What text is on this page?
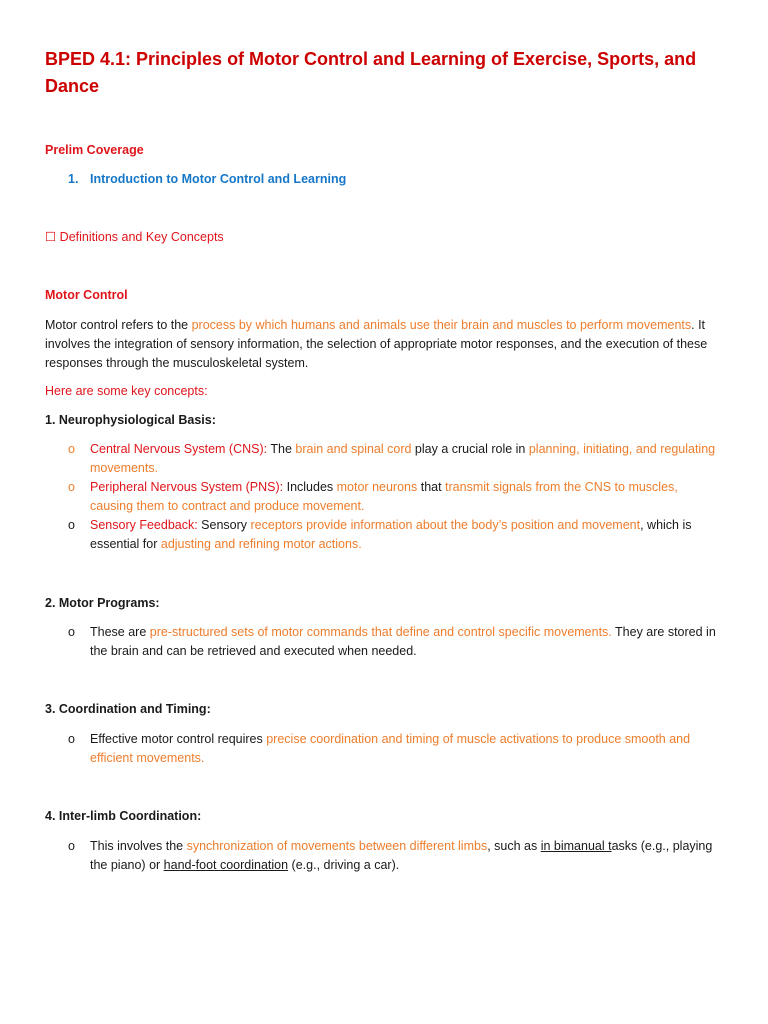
BPED 4.1: Principles of Motor Control and Learning of Exercise, Sports, and Dance

Prelim Coverage

1. Introduction to Motor Control and Learning

☐ Definitions and Key Concepts

Motor Control

Motor control refers to the process by which humans and animals use their brain and muscles to perform movements. It involves the integration of sensory information, the selection of appropriate motor responses, and the execution of these responses through the musculoskeletal system.

Here are some key concepts:

1. Neurophysiological Basis:

o	Central Nervous System (CNS): The brain and spinal cord play a crucial role in planning, initiating, and regulating movements.
o	Peripheral Nervous System (PNS): Includes motor neurons that transmit signals from the CNS to muscles, causing them to contract and produce movement.
o	Sensory Feedback: Sensory receptors provide information about the body’s position and movement, which is essential for adjusting and refining motor actions.

2. Motor Programs:

o	These are pre-structured sets of motor commands that define and control specific movements. They are stored in the brain and can be retrieved and executed when needed.

3. Coordination and Timing:

o	Effective motor control requires precise coordination and timing of muscle activations to produce smooth and efficient movements.

4. Inter-limb Coordination:

o	This involves the synchronization of movements between different limbs, such as in bimanual tasks (e.g., playing the piano) or hand-foot coordination (e.g., driving a car).
